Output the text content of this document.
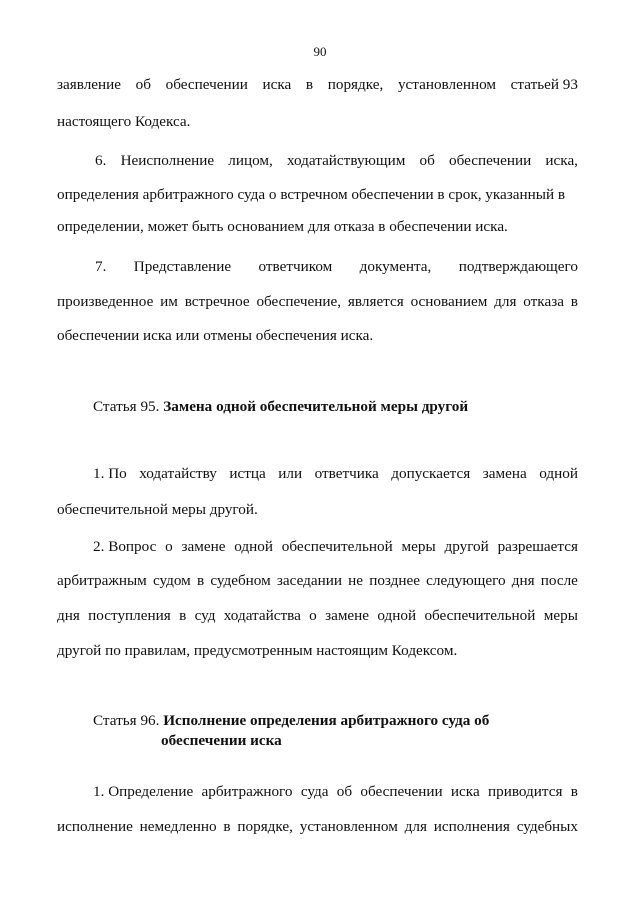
90
заявление об обеспечении иска в порядке, установленном статьей 93
настоящего Кодекса.
6. Неисполнение лицом, ходатайствующим об обеспечении иска,
определения арбитражного суда о встречном обеспечении в срок, указанный в
определении, может быть основанием для отказа в обеспечении иска.
7. Представление ответчиком документа, подтверждающего
произведенное им встречное обеспечение, является основанием для отказа в
обеспечении иска или отмены обеспечения иска.
Статья 95. Замена одной обеспечительной меры другой
1. По ходатайству истца или ответчика допускается замена одной
обеспечительной меры другой.
2. Вопрос о замене одной обеспечительной меры другой разрешается
арбитражным судом в судебном заседании не позднее следующего дня после
дня поступления в суд ходатайства о замене одной обеспечительной меры
другой по правилам, предусмотренным настоящим Кодексом.
Статья 96. Исполнение определения арбитражного суда об
обеспечении иска
1. Определение арбитражного суда об обеспечении иска приводится в
исполнение немедленно в порядке, установленном для исполнения судебных
